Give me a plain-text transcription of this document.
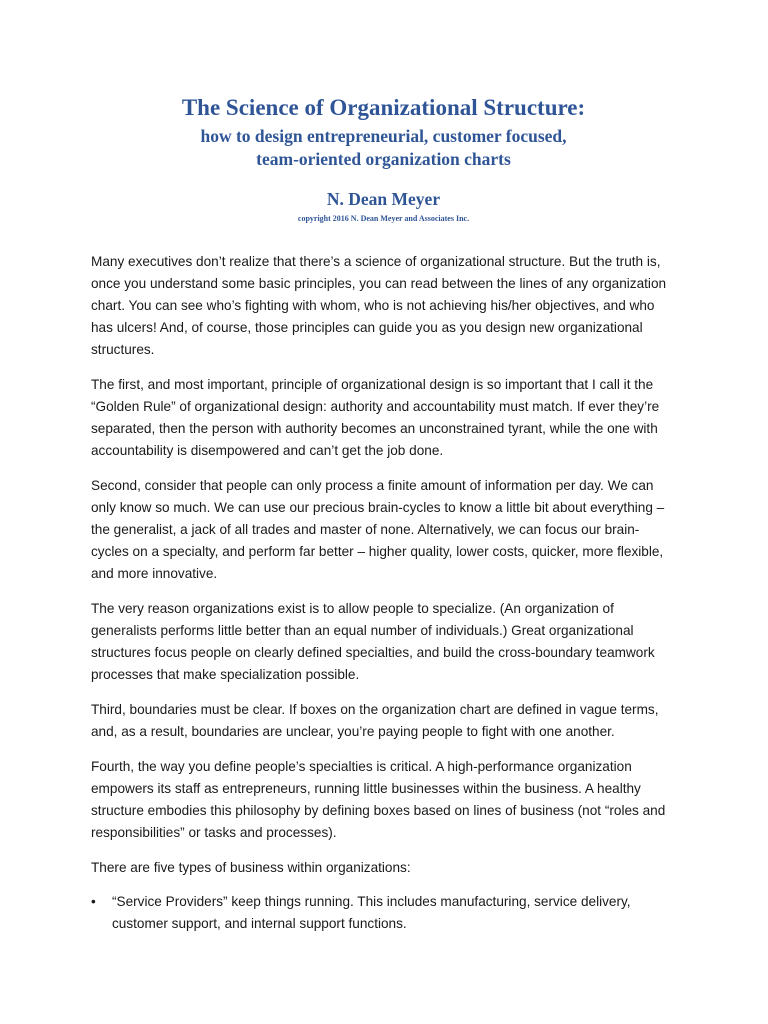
The Science of Organizational Structure:

how to design entrepreneurial, customer focused,

team-oriented organization charts

N. Dean Meyer

copyright 2016 N. Dean Meyer and Associates Inc.

Many executives don’t realize that there’s a science of organizational structure. But the truth is, once you understand some basic principles, you can read between the lines of any organization chart. You can see who’s fighting with whom, who is not achieving his/her objectives, and who has ulcers! And, of course, those principles can guide you as you design new organizational structures.

The first, and most important, principle of organizational design is so important that I call it the “Golden Rule” of organizational design: authority and accountability must match. If ever they’re separated, then the person with authority becomes an unconstrained tyrant, while the one with accountability is disempowered and can’t get the job done.

Second, consider that people can only process a finite amount of information per day. We can only know so much. We can use our precious brain-cycles to know a little bit about everything – the generalist, a jack of all trades and master of none. Alternatively, we can focus our brain-cycles on a specialty, and perform far better – higher quality, lower costs, quicker, more flexible, and more innovative.

The very reason organizations exist is to allow people to specialize. (An organization of generalists performs little better than an equal number of individuals.) Great organizational structures focus people on clearly defined specialties, and build the cross-boundary teamwork processes that make specialization possible.

Third, boundaries must be clear. If boxes on the organization chart are defined in vague terms, and, as a result, boundaries are unclear, you’re paying people to fight with one another.

Fourth, the way you define people’s specialties is critical. A high-performance organization empowers its staff as entrepreneurs, running little businesses within the business. A healthy structure embodies this philosophy by defining boxes based on lines of business (not “roles and responsibilities” or tasks and processes).

There are five types of business within organizations:

• “Service Providers” keep things running. This includes manufacturing, service delivery, customer support, and internal support functions.
